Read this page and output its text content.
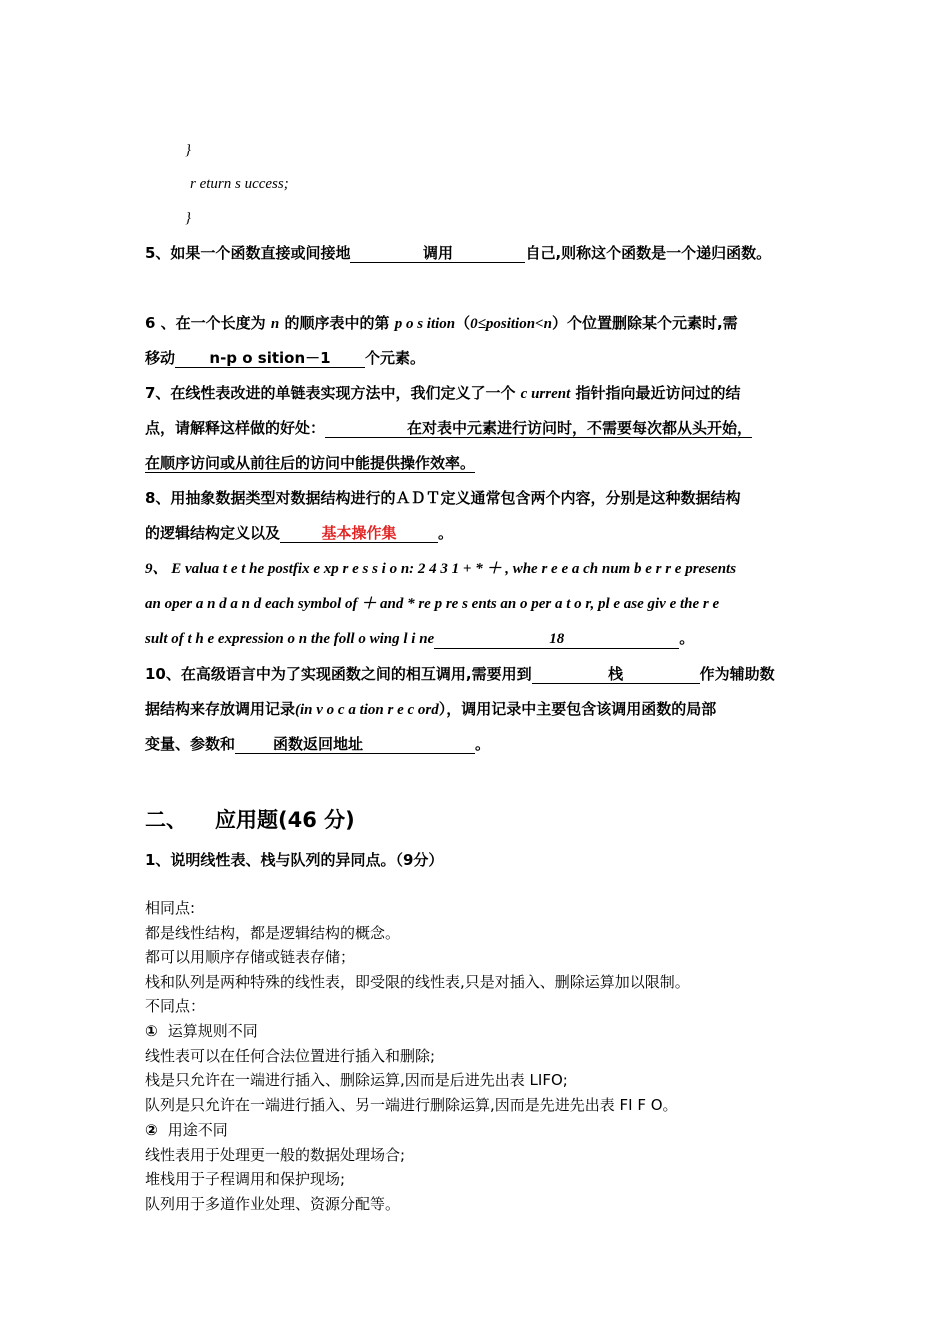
}
r eturn s uccess;
}
5、如果一个函数直接或间接地	调用	自己,则称这个函数是一个递归函数。
6 、在一个长度为 n 的顺序表中的第 p o s ition（0≤position<n）个位置删除某个元素时,需
移动 n-p o sition－1 个元素。
7、在线性表改进的单链表实现方法中，我们定义了一个 c urrent 指针指向最近访问过的结
点，请解释这样做的好处：	在对表中元素进行访问时，不需要每次都从头开始，
在顺序访问或从前往后的访问中能提供操作效率。
8、用抽象数据类型对数据结构进行的ＡＤＴ定义通常包含两个内容，分别是这种数据结构
的逻辑结构定义以及	基本操作集	。
9、 E valua t e t he postfix e xp r e s s i o n: 2 4 3 1 + * ＋ , whe r e e a ch num b e r r e presents
an oper a n d a n d each symbol of ＋ and * re p re s ents an o per a t o r, pl e ase giv e the r e
sult of t h e expression o n the foll o wing l i ne	18	。
10、在高级语言中为了实现函数之间的相互调用,需要用到	栈	作为辅助数
据结构来存放调用记录(in v o c a tion r e c ord），调用记录中主要包含该调用函数的局部
变量、参数和	函数返回地址	。
二、 应用题(46 分)
1、说明线性表、栈与队列的异同点。（9分）
相同点:
都是线性结构，都是逻辑结构的概念。
都可以用顺序存储或链表存储；
栈和队列是两种特殊的线性表，即受限的线性表,只是对插入、删除运算加以限制。
不同点：
① 运算规则不同
线性表可以在任何合法位置进行插入和删除;
栈是只允许在一端进行插入、删除运算,因而是后进先出表 LIFO;
队列是只允许在一端进行插入、另一端进行删除运算,因而是先进先出表 FI F O。
② 用途不同
线性表用于处理更一般的数据处理场合;
堆栈用于子程调用和保护现场;
队列用于多道作业处理、资源分配等。
